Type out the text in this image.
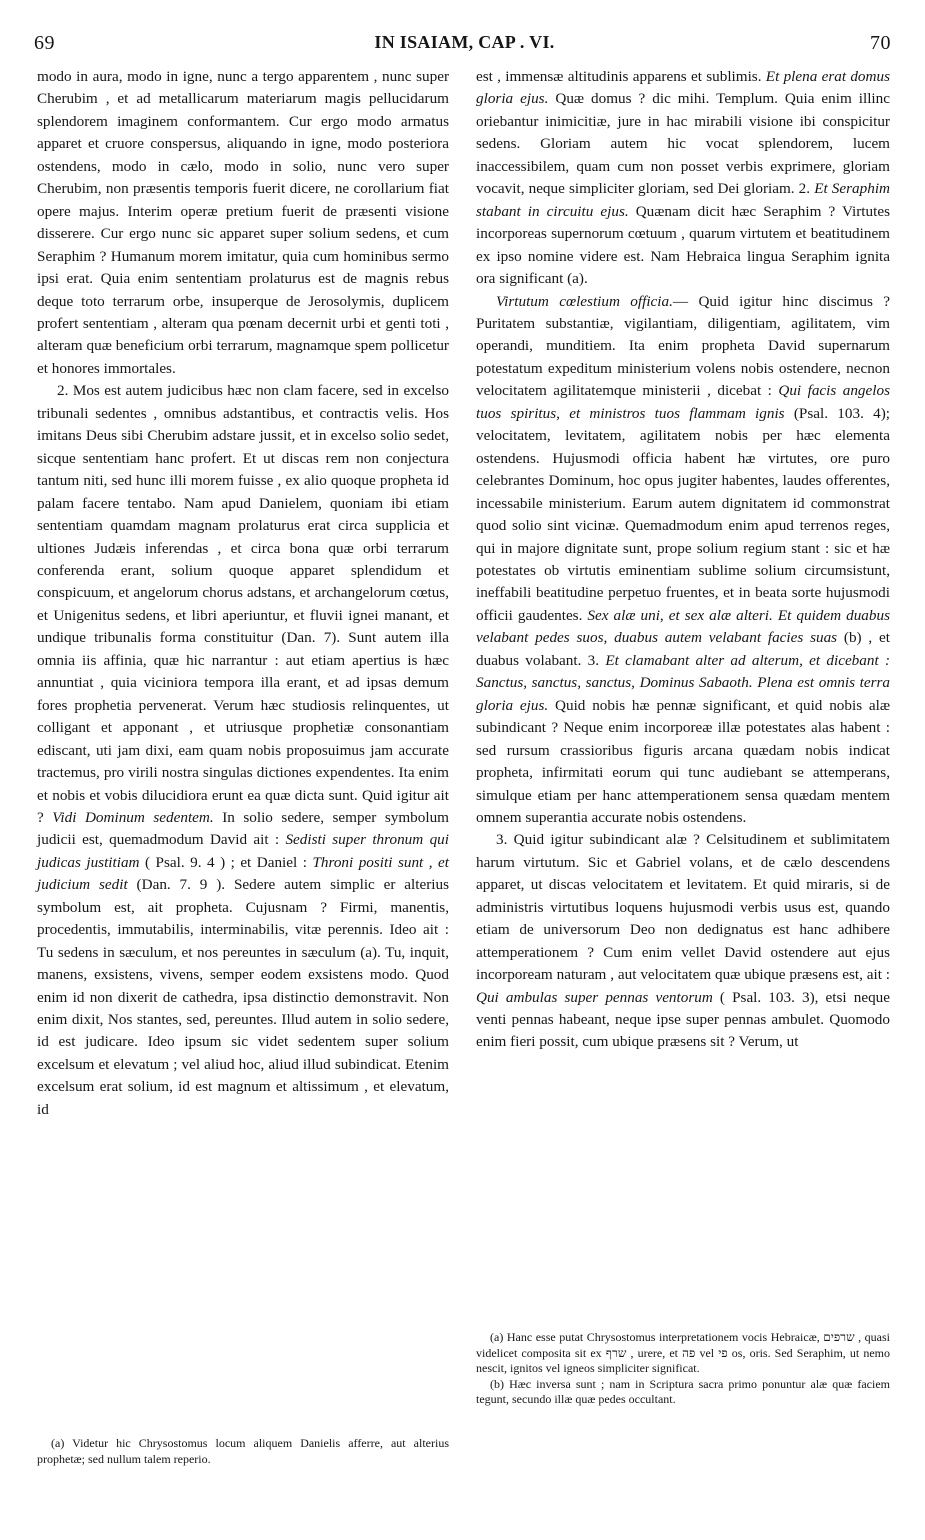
69	IN ISAIAM, CAP . VI.	70

modo in aura, modo in igne, nunc a tergo apparentem , nunc super Cherubim , et ad metallicarum materiarum magis pellucidarum splendorem imaginem conformantem. Cur ergo modo armatus apparet et cruore conspersus, aliquando in igne, modo posteriora ostendens, modo in cælo, modo in solio, nunc vero super Cherubim, non præsentis temporis fuerit dicere, ne corollarium fiat opere majus. Interim operæ pretium fuerit de præsenti visione disserere. Cur ergo nunc sic apparet super solium sedens, et cum Seraphim ? Humanum morem imitatur, quia cum hominibus sermo ipsi erat. Quia enim sententiam prolaturus est de magnis rebus deque toto terrarum orbe, insuperque de Jerosolymis, duplicem profert sententiam , alteram qua pœnam decernit urbi et genti toti , alteram quæ beneficium orbi terrarum, magnamque spem pollicetur et honores immortales.

2. Mos est autem judicibus hæc non clam facere, sed in excelso tribunali sedentes , omnibus adstantibus, et contractis velis. Hos imitans Deus sibi Cherubim adstare jussit, et in excelso solio sedet, sicque sententiam hanc profert. Et ut discas rem non conjectura tantum niti, sed hunc illi morem fuisse , ex alio quoque propheta id palam facere tentabo. Nam apud Danielem, quoniam ibi etiam sententiam quamdam magnam prolaturus erat circa supplicia et ultiones Judæis inferendas , et circa bona quæ orbi terrarum conferenda erant, solium quoque apparet splendidum et conspicuum, et angelorum chorus adstans, et archangelorum cœtus, et Unigenitus sedens, et libri aperiuntur, et fluvii ignei manant, et undique tribunalis forma constituitur (Dan. 7). Sunt autem illa omnia iis affinia, quæ hic narrantur : aut etiam apertius is hæc annuntiat , quia viciniora tempora illa erant, et ad ipsas demum fores prophetia pervenerat. Verum hæc studiosis relinquentes, ut colligant et apponant , et utriusque prophetiæ consonantiam ediscant, uti jam dixi, eam quam nobis proposuimus jam accurate tractemus, pro virili nostra singulas dictiones expendentes. Ita enim et nobis et vobis dilucidiora erunt ea quæ dicta sunt. Quid igitur ait ? Vidi Dominum sedentem. In solio sedere, semper symbolum judicii est, quemadmodum David ait : Sedisti super thronum qui judicas justitiam ( Psal. 9. 4 ) ; et Daniel : Throni positi sunt , et judicium sedit (Dan. 7. 9 ). Sedere autem simplic er alterius symbolum est, ait propheta. Cujusnam ? Firmi, manentis, procedentis, immutabilis, interminabilis, vitæ perennis. Ideo ait : Tu sedens in sæculum, et nos pereuntes in sæculum (a). Tu, inquit, manens, exsistens, vivens, semper eodem exsistens modo. Quod enim id non dixerit de cathedra, ipsa distinctio demonstravit. Non enim dixit, Nos stantes, sed, pereuntes. Illud autem in solio sedere, id est judicare. Ideo ipsum sic videt sedentem super solium excelsum et elevatum ; vel aliud hoc, aliud illud subindicat. Etenim excelsum erat solium, id est magnum et altissimum , et elevatum, id

est , immensæ altitudinis apparens et sublimis. Et plena erat domus gloria ejus. Quæ domus ? dic mihi. Templum. Quia enim illinc oriebantur inimicitiæ, jure in hac mirabili visione ibi conspicitur sedens. Gloriam autem hic vocat splendorem, lucem inaccessibilem, quam cum non posset verbis exprimere, gloriam vocavit, neque simpliciter gloriam, sed Dei gloriam. 2. Et Seraphim stabant in circuitu ejus. Quænam dicit hæc Seraphim ? Virtutes incorporeas supernorum cœtuum , quarum virtutem et beatitudinem ex ipso nomine videre est. Nam Hebraica lingua Seraphim ignita ora significant (a).

Virtutum cœlestium officia.— Quid igitur hinc discimus ? Puritatem substantiæ, vigilantiam, diligentiam, agilitatem, vim operandi, munditiem. Ita enim propheta David supernarum potestatum expeditum ministerium volens nobis ostendere, necnon velocitatem agilitatemque ministerii , dicebat : Qui facis angelos tuos spiritus, et ministros tuos flammam ignis (Psal. 103. 4); velocitatem, levitatem, agilitatem nobis per hæc elementa ostendens. Hujusmodi officia habent hæ virtutes, ore puro celebrantes Dominum, hoc opus jugiter habentes, laudes offerentes, incessabile ministerium. Earum autem dignitatem id commonstrat quod solio sint vicinæ. Quemadmodum enim apud terrenos reges, qui in majore dignitate sunt, prope solium regium stant : sic et hæ potestates ob virtutis eminentiam sublime solium circumsistunt, ineffabili beatitudine perpetuo fruentes, et in beata sorte hujusmodi officii gaudentes. Sex alæ uni, et sex alæ alteri. Et quidem duabus velabant pedes suos, duabus autem velabant facies suas (b) , et duabus volabant. 3. Et clamabant alter ad alterum, et dicebant : Sanctus, sanctus, sanctus, Dominus Sabaoth. Plena est omnis terra gloria ejus. Quid nobis hæ pennæ significant, et quid nobis alæ subindicant ? Neque enim incorporeæ illæ potestates alas habent : sed rursum crassioribus figuris arcana quædam nobis indicat propheta, infirmitati eorum qui tunc audiebant se attemperans, simulque etiam per hanc attemperationem sensa quædam mentem omnem superantia accurate nobis ostendens.

3. Quid igitur subindicant alæ ? Celsitudinem et sublimitatem harum virtutum. Sic et Gabriel volans, et de cælo descendens apparet, ut discas velocitatem et levitatem. Et quid miraris, si de administris virtutibus loquens hujusmodi verbis usus est, quando etiam de universorum Deo non dedignatus est hanc adhibere attemperationem ? Cum enim vellet David ostendere aut ejus incorpoream naturam , aut velocitatem quæ ubique præsens est, ait : Qui ambulas super pennas ventorum ( Psal. 103. 3), etsi neque venti pennas habeant, neque ipse super pennas ambulet. Quomodo enim fieri possit, cum ubique præsens sit ? Verum, ut

(a) Videtur hic Chrysostomus locum aliquem Danielis afferre, aut alterius prophetæ; sed nullum talem reperio.

(a) Hanc esse putat Chrysostomus interpretationem vocis Hebraicæ, שרפים , quasi videlicet composita sit ex שרף , urere, et פה vel פי os, oris. Sed Seraphim, ut nemo nescit, ignitos vel igneos simpliciter significat.

(b) Hæc inversa sunt ; nam in Scriptura sacra primo ponuntur alæ quæ faciem tegunt, secundo illæ quæ pedes occultant.
